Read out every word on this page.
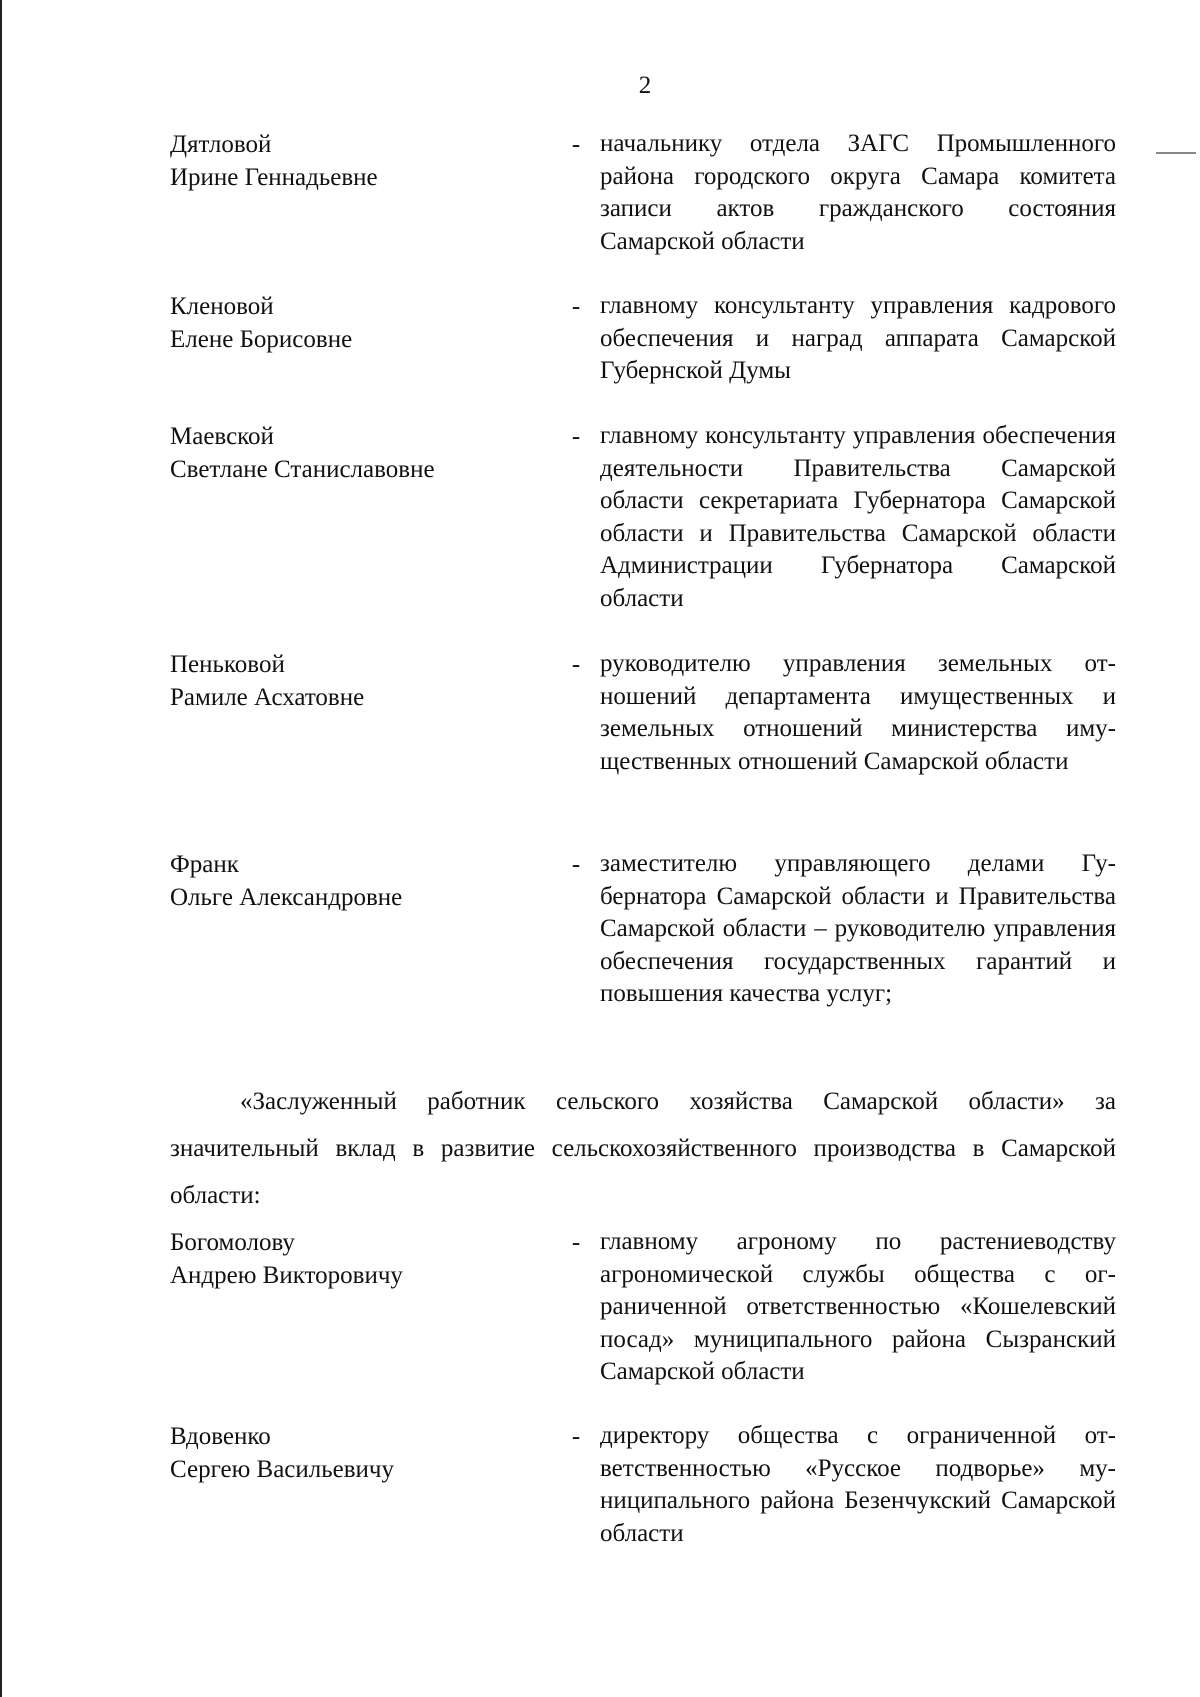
2
Дятловой
Ирине Геннадьевне
- начальнику отдела ЗАГС Промышленного района городского округа Самара комитета записи актов гражданского состояния Самарской области
Кленовой
Елене Борисовне
- главному консультанту управления кадрового обеспечения и наград аппарата Самарской Губернской Думы
Маевской
Светлане Станиславовне
- главному консультанту управления обеспечения деятельности Правительства Самарской области секретариата Губернатора Самарской области и Правительства Самарской области Администрации Губернатора Самарской области
Пеньковой
Рамиле Асхатовне
- руководителю управления земельных отношений департамента имущественных и земельных отношений министерства имущественных отношений Самарской области
Франк
Ольге Александровне
- заместителю управляющего делами Губернатора Самарской области и Правительства Самарской области – руководителю управления обеспечения государственных гарантий и повышения качества услуг;
«Заслуженный работник сельского хозяйства Самарской области» за значительный вклад в развитие сельскохозяйственного производства в Самарской области:
Богомолову
Андрею Викторовичу
- главному агроному по растениеводству агрономической службы общества с ограниченной ответственностью «Кошелевский посад» муниципального района Сызранский Самарской области
Вдовенко
Сергею Васильевичу
- директору общества с ограниченной ответственностью «Русское подворье» муниципального района Безенчукский Самарской области
